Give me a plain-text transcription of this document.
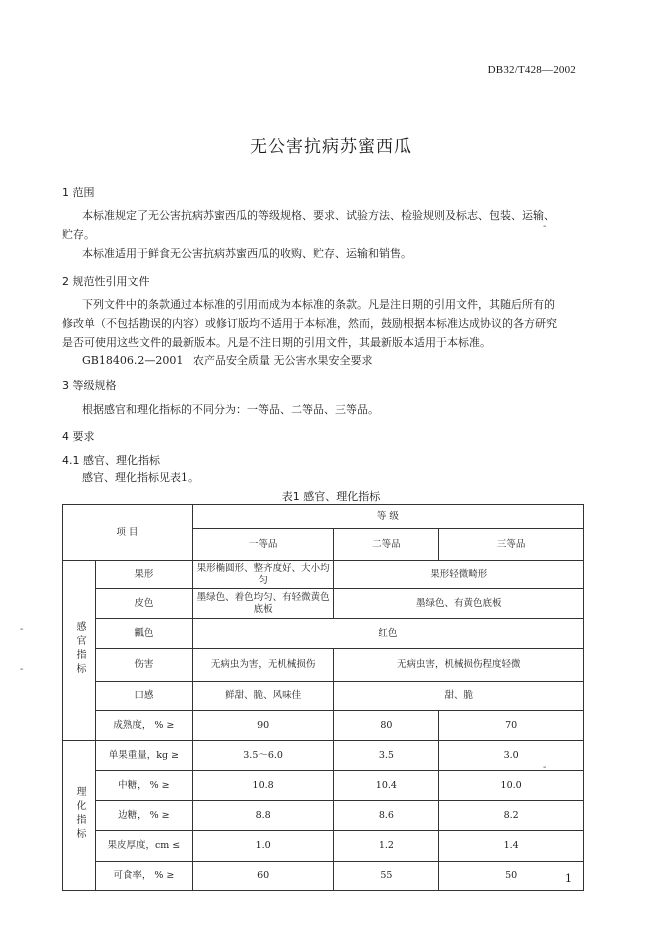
DB32/T428—2002
无公害抗病苏蜜西瓜
1 范围
本标准规定了无公害抗病苏蜜西瓜的等级规格、要求、试验方法、检验规则及标志、包装、运输、
贮存。
本标准适用于鲜食无公害抗病苏蜜西瓜的收购、贮存、运输和销售。
2 规范性引用文件
下列文件中的条款通过本标准的引用而成为本标准的条款。凡是注日期的引用文件，其随后所有的
修改单（不包括勘误的内容）或修订版均不适用于本标准，然而，鼓励根据本标准达成协议的各方研究
是否可使用这些文件的最新版本。凡是不注日期的引用文件，其最新版本适用于本标准。
GB18406.2—2001 农产品安全质量 无公害水果安全要求
3 等级规格
根据感官和理化指标的不同分为：一等品、二等品、三等品。
4 要求
4.1 感官、理化指标
感官、理化指标见表1。
表1 感官、理化指标
项 目		等 级		
		一等品	二等品	三等品
感官指标	果形	果形椭圆形、整齐度好、大小均匀	果形轻微畸形	
	皮色	墨绿色、着色均匀、有轻微黄色底板	墨绿色、有黄色底板	
	瓤色	红色		
	伤害	无病虫为害，无机械损伤	无病虫害，机械损伤程度轻微	
	口感	鲜甜、脆、风味佳	甜、脆	
	成熟度， % ≥	90	80	70
理化指标	单果重量，kg ≥	3.5～6.0	3.5	3.0
	中糖， % ≥	10.8	10.4	10.0
	边糖， % ≥	8.8	8.6	8.2
	果皮厚度，cm ≤	1.0	1.2	1.4
	可食率， % ≥	60	55	50
-
-
-
-
1
